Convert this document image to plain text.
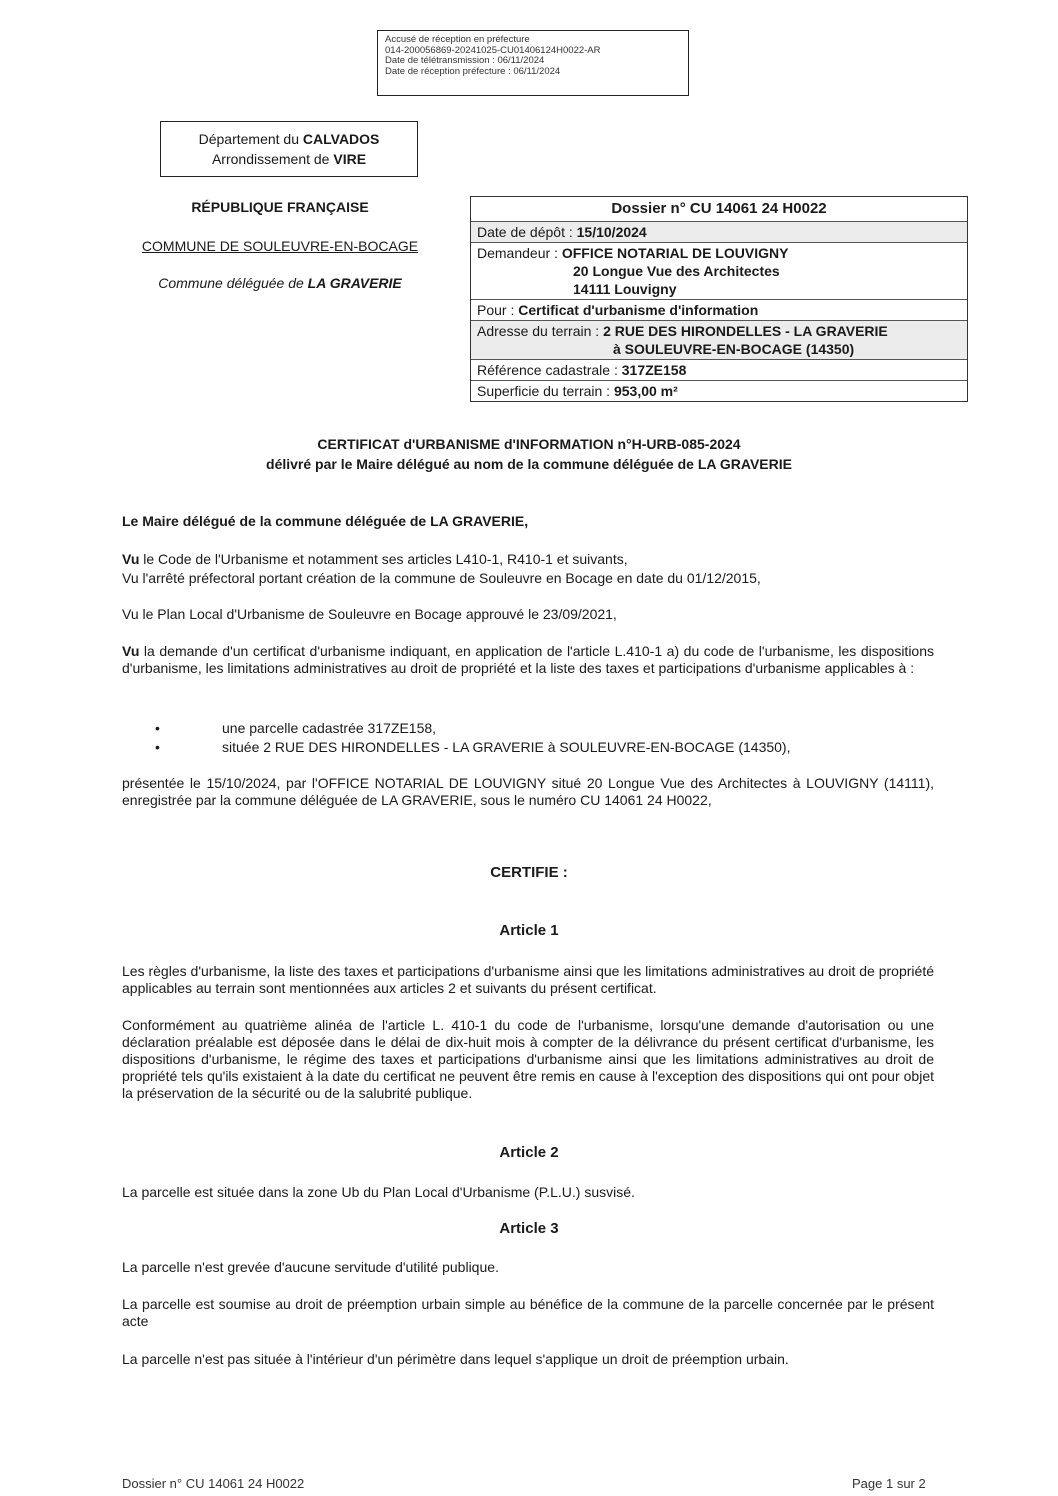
Accusé de réception en préfecture
014-200056869-20241025-CU01406124H0022-AR
Date de télétransmission : 06/11/2024
Date de réception préfecture : 06/11/2024
Département du CALVADOS
Arrondissement de VIRE
RÉPUBLIQUE FRANÇAISE
COMMUNE DE SOULEUVRE-EN-BOCAGE
Commune déléguée de LA GRAVERIE
Dossier n° CU 14061 24 H0022
Date de dépôt : 15/10/2024
Demandeur : OFFICE NOTARIAL DE LOUVIGNY
20 Longue Vue des Architectes
14111 Louvigny
Pour : Certificat d'urbanisme d'information
Adresse du terrain : 2 RUE DES HIRONDELLES - LA GRAVERIE
à SOULEUVRE-EN-BOCAGE (14350)
Référence cadastrale : 317ZE158
Superficie du terrain : 953,00 m²
CERTIFICAT d'URBANISME d'INFORMATION n°H-URB-085-2024
délivré par le Maire délégué au nom de la commune déléguée de LA GRAVERIE
Le Maire délégué de la commune déléguée de LA GRAVERIE,
Vu le Code de l'Urbanisme et notamment ses articles L410-1, R410-1 et suivants,
Vu l'arrêté préfectoral portant création de la commune de Souleuvre en Bocage en date du 01/12/2015,
Vu le Plan Local d'Urbanisme de Souleuvre en Bocage approuvé le 23/09/2021,
Vu la demande d'un certificat d'urbanisme indiquant, en application de l'article L.410-1 a) du code de l'urbanisme, les dispositions d'urbanisme, les limitations administratives au droit de propriété et la liste des taxes et participations d'urbanisme applicables à :
•	une parcelle cadastrée 317ZE158,
•	située 2 RUE DES HIRONDELLES - LA GRAVERIE à SOULEUVRE-EN-BOCAGE (14350),
présentée le 15/10/2024, par l'OFFICE NOTARIAL DE LOUVIGNY situé 20 Longue Vue des Architectes à LOUVIGNY (14111), enregistrée par la commune déléguée de LA GRAVERIE, sous le numéro CU 14061 24 H0022,
CERTIFIE :
Article 1
Les règles d'urbanisme, la liste des taxes et participations d'urbanisme ainsi que les limitations administratives au droit de propriété applicables au terrain sont mentionnées aux articles 2 et suivants du présent certificat.
Conformément au quatrième alinéa de l'article L. 410-1 du code de l'urbanisme, lorsqu'une demande d'autorisation ou une déclaration préalable est déposée dans le délai de dix-huit mois à compter de la délivrance du présent certificat d'urbanisme, les dispositions d'urbanisme, le régime des taxes et participations d'urbanisme ainsi que les limitations administratives au droit de propriété tels qu'ils existaient à la date du certificat ne peuvent être remis en cause à l'exception des dispositions qui ont pour objet la préservation de la sécurité ou de la salubrité publique.
Article 2
La parcelle est située dans la zone Ub du Plan Local d'Urbanisme (P.L.U.) susvisé.
Article 3
La parcelle n'est grevée d'aucune servitude d'utilité publique.
La parcelle est soumise au droit de préemption urbain simple au bénéfice de la commune de la parcelle concernée par le présent acte
La parcelle n'est pas située à l'intérieur d'un périmètre dans lequel s'applique un droit de préemption urbain.
Dossier n° CU 14061 24 H0022	Page 1 sur 2
